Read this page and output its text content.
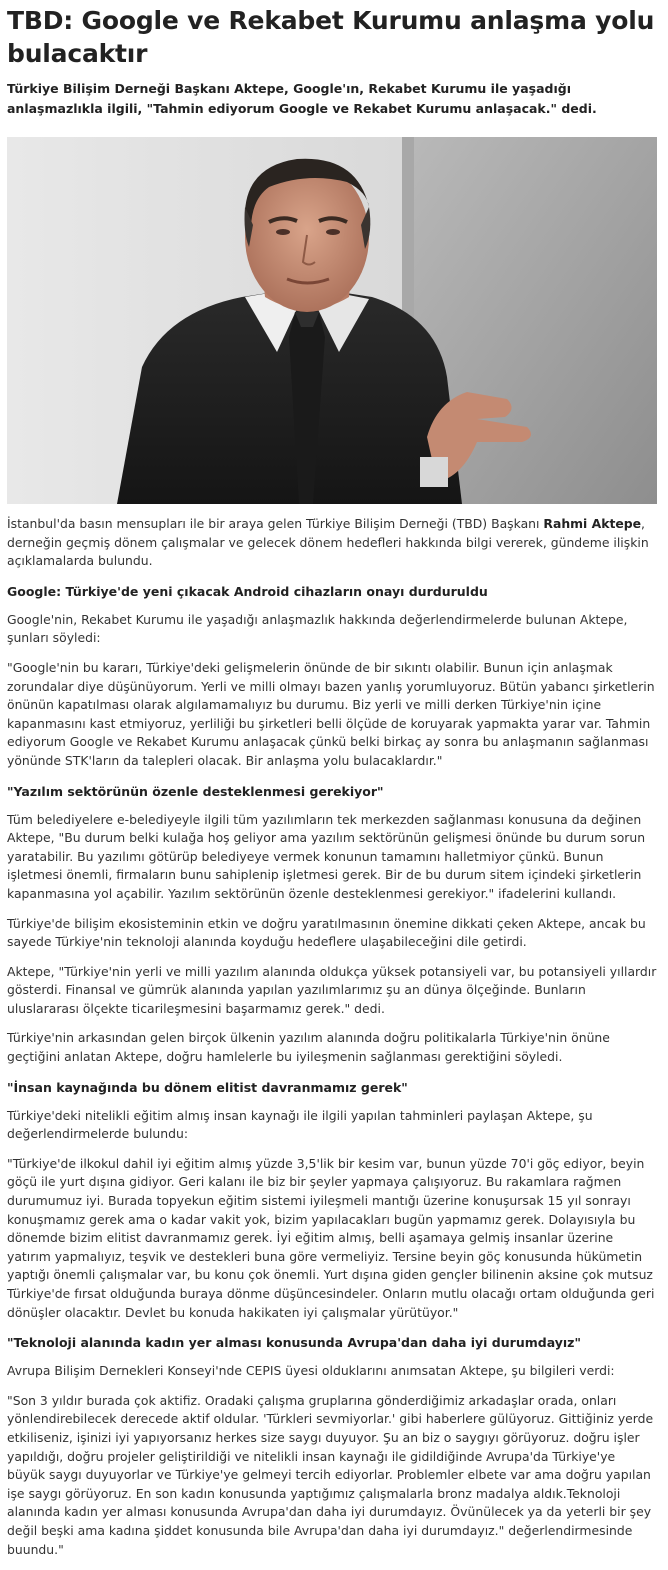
TBD: Google ve Rekabet Kurumu anlaşma yolu bulacaktır

Türkiye Bilişim Derneği Başkanı Aktepe, Google'ın, Rekabet Kurumu ile yaşadığı anlaşmazlıkla ilgili, "Tahmin ediyorum Google ve Rekabet Kurumu anlaşacak." dedi.

İstanbul'da basın mensupları ile bir araya gelen Türkiye Bilişim Derneği (TBD) Başkanı Rahmi Aktepe, derneğin geçmiş dönem çalışmalar ve gelecek dönem hedefleri hakkında bilgi vererek, gündeme ilişkin açıklamalarda bulundu.

Google: Türkiye'de yeni çıkacak Android cihazların onayı durduruldu

Google'nin, Rekabet Kurumu ile yaşadığı anlaşmazlık hakkında değerlendirmelerde bulunan Aktepe, şunları söyledi:

"Google'nin bu kararı, Türkiye'deki gelişmelerin önünde de bir sıkıntı olabilir. Bunun için anlaşmak zorundalar diye düşünüyorum. Yerli ve milli olmayı bazen yanlış yorumluyoruz. Bütün yabancı şirketlerin önünün kapatılması olarak algılamamalıyız bu durumu. Biz yerli ve milli derken Türkiye'nin içine kapanmasını kast etmiyoruz, yerliliği bu şirketleri belli ölçüde de koruyarak yapmakta yarar var. Tahmin ediyorum Google ve Rekabet Kurumu anlaşacak çünkü belki birkaç ay sonra bu anlaşmanın sağlanması yönünde STK'ların da talepleri olacak. Bir anlaşma yolu bulacaklardır."

"Yazılım sektörünün özenle desteklenmesi gerekiyor"

Tüm belediyelere e-belediyeyle ilgili tüm yazılımların tek merkezden sağlanması konusuna da değinen Aktepe, "Bu durum belki kulağa hoş geliyor ama yazılım sektörünün gelişmesi önünde bu durum sorun yaratabilir. Bu yazılımı götürüp belediyeye vermek konunun tamamını halletmiyor çünkü. Bunun işletmesi önemli, firmaların bunu sahiplenip işletmesi gerek. Bir de bu durum sitem içindeki şirketlerin kapanmasına yol açabilir. Yazılım sektörünün özenle desteklenmesi gerekiyor." ifadelerini kullandı.

Türkiye'de bilişim ekosisteminin etkin ve doğru yaratılmasının önemine dikkati çeken Aktepe, ancak bu sayede Türkiye'nin teknoloji alanında koyduğu hedeflere ulaşabileceğini dile getirdi.

Aktepe, "Türkiye'nin yerli ve milli yazılım alanında oldukça yüksek potansiyeli var, bu potansiyeli yıllardır gösterdi. Finansal ve gümrük alanında yapılan yazılımlarımız şu an dünya ölçeğinde. Bunların uluslararası ölçekte ticarileşmesini başarmamız gerek." dedi.

Türkiye'nin arkasından gelen birçok ülkenin yazılım alanında doğru politikalarla Türkiye'nin önüne geçtiğini anlatan Aktepe, doğru hamlelerle bu iyileşmenin sağlanması gerektiğini söyledi.

"İnsan kaynağında bu dönem elitist davranmamız gerek"

Türkiye'deki nitelikli eğitim almış insan kaynağı ile ilgili yapılan tahminleri paylaşan Aktepe, şu değerlendirmelerde bulundu:

"Türkiye'de ilkokul dahil iyi eğitim almış yüzde 3,5'lik bir kesim var, bunun yüzde 70'i göç ediyor, beyin göçü ile yurt dışına gidiyor. Geri kalanı ile biz bir şeyler yapmaya çalışıyoruz. Bu rakamlara rağmen durumumuz iyi. Burada topyekun eğitim sistemi iyileşmeli mantığı üzerine konuşursak 15 yıl sonrayı konuşmamız gerek ama o kadar vakit yok, bizim yapılacakları bugün yapmamız gerek. Dolayısıyla bu dönemde bizim elitist davranmamız gerek. İyi eğitim almış, belli aşamaya gelmiş insanlar üzerine yatırım yapmalıyız, teşvik ve destekleri buna göre vermeliyiz. Tersine beyin göç konusunda hükümetin yaptığı önemli çalışmalar var, bu konu çok önemli. Yurt dışına giden gençler bilinenin aksine çok mutsuz Türkiye'de fırsat olduğunda buraya dönme düşüncesindeler. Onların mutlu olacağı ortam olduğunda geri dönüşler olacaktır. Devlet bu konuda hakikaten iyi çalışmalar yürütüyor."

"Teknoloji alanında kadın yer alması konusunda Avrupa'dan daha iyi durumdayız"

Avrupa Bilişim Dernekleri Konseyi'nde CEPIS üyesi olduklarını anımsatan Aktepe, şu bilgileri verdi:

"Son 3 yıldır burada çok aktifiz. Oradaki çalışma gruplarına gönderdiğimiz arkadaşlar orada, onları yönlendirebilecek derecede aktif oldular. 'Türkleri sevmiyorlar.' gibi haberlere gülüyoruz. Gittiğiniz yerde etkiliseniz, işinizi iyi yapıyorsanız herkes size saygı duyuyor. Şu an biz o saygıyı görüyoruz. doğru işler yapıldığı, doğru projeler geliştirildiği ve nitelikli insan kaynağı ile gidildiğinde Avrupa'da Türkiye'ye büyük saygı duyuyorlar ve Türkiye'ye gelmeyi tercih ediyorlar. Problemler elbete var ama doğru yapılan işe saygı görüyoruz. En son kadın konusunda yaptığımız çalışmalarla bronz madalya aldık.Teknoloji alanında kadın yer alması konusunda Avrupa'dan daha iyi durumdayız. Övünülecek ya da yeterli bir şey değil beşki ama kadına şiddet konusunda bile Avrupa'dan daha iyi durumdayız." değerlendirmesinde buundu."
